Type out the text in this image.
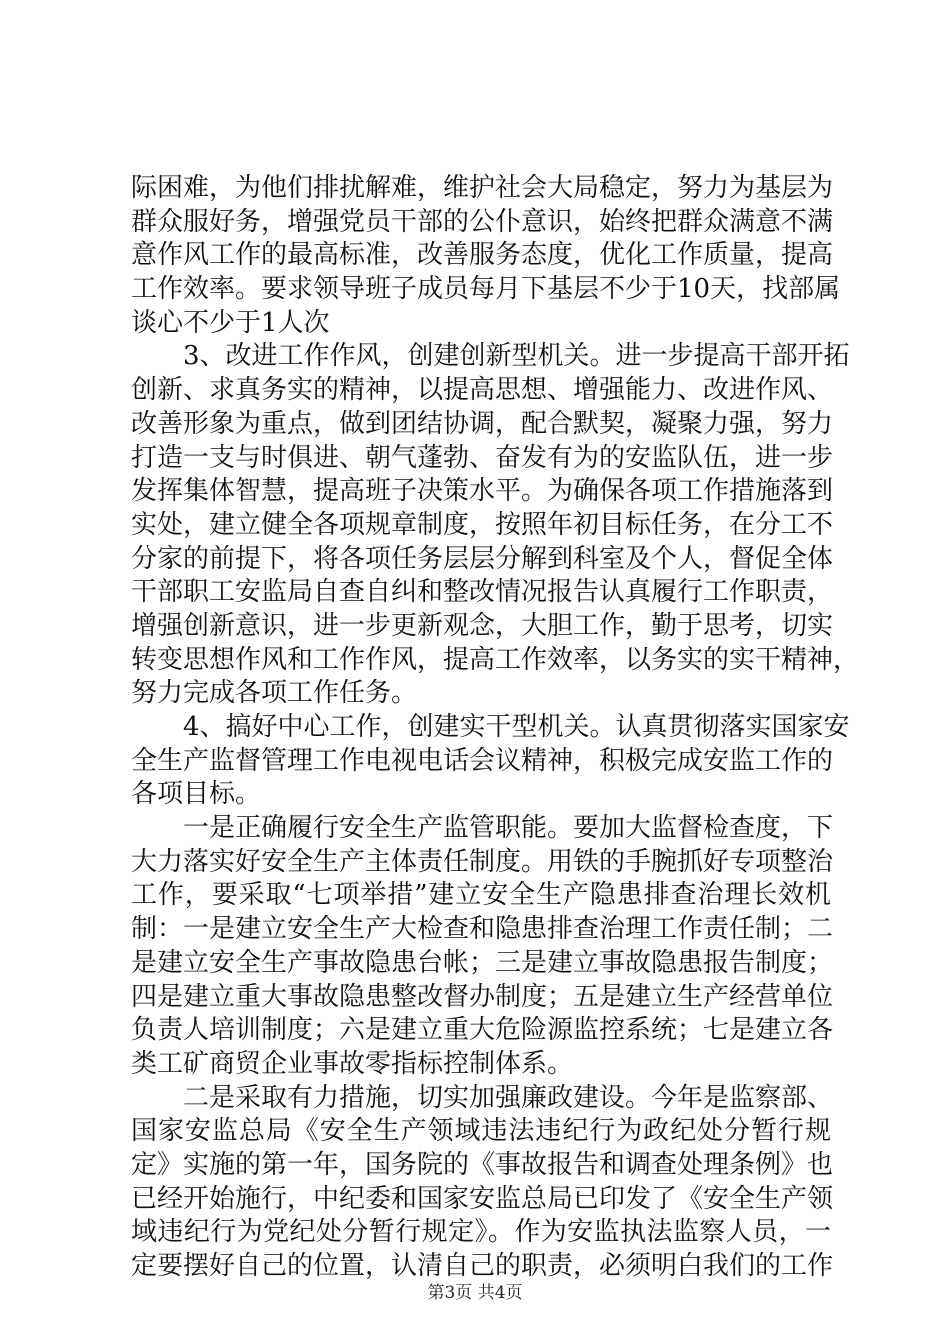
际困难，为他们排扰解难，维护社会大局稳定，努力为基层为
群众服好务，增强党员干部的公仆意识，始终把群众满意不满
意作风工作的最高标准，改善服务态度，优化工作质量，提高
工作效率。要求领导班子成员每月下基层不少于10天，找部属
谈心不少于1人次
3、改进工作作风，创建创新型机关。进一步提高干部开拓
创新、求真务实的精神，以提高思想、增强能力、改进作风、
改善形象为重点，做到团结协调，配合默契，凝聚力强，努力
打造一支与时俱进、朝气蓬勃、奋发有为的安监队伍，进一步
发挥集体智慧，提高班子决策水平。为确保各项工作措施落到
实处，建立健全各项规章制度，按照年初目标任务，在分工不
分家的前提下，将各项任务层层分解到科室及个人，督促全体
干部职工安监局自查自纠和整改情况报告认真履行工作职责，
增强创新意识，进一步更新观念，大胆工作，勤于思考，切实
转变思想作风和工作作风，提高工作效率，以务实的实干精神，
努力完成各项工作任务。
4、搞好中心工作，创建实干型机关。认真贯彻落实国家安
全生产监督管理工作电视电话会议精神，积极完成安监工作的
各项目标。
一是正确履行安全生产监管职能。要加大监督检查度，下
大力落实好安全生产主体责任制度。用铁的手腕抓好专项整治
工作，要采取“七项举措”建立安全生产隐患排查治理长效机
制：一是建立安全生产大检查和隐患排查治理工作责任制；二
是建立安全生产事故隐患台帐；三是建立事故隐患报告制度；
四是建立重大事故隐患整改督办制度；五是建立生产经营单位
负责人培训制度；六是建立重大危险源监控系统；七是建立各
类工矿商贸企业事故零指标控制体系。
二是采取有力措施，切实加强廉政建设。今年是监察部、
国家安监总局《安全生产领域违法违纪行为政纪处分暂行规
定》实施的第一年，国务院的《事故报告和调查处理条例》也
已经开始施行，中纪委和国家安监总局已印发了《安全生产领
域违纪行为党纪处分暂行规定》。作为安监执法监察人员，一
定要摆好自己的位置，认清自己的职责，必须明白我们的工作
第3页 共4页
